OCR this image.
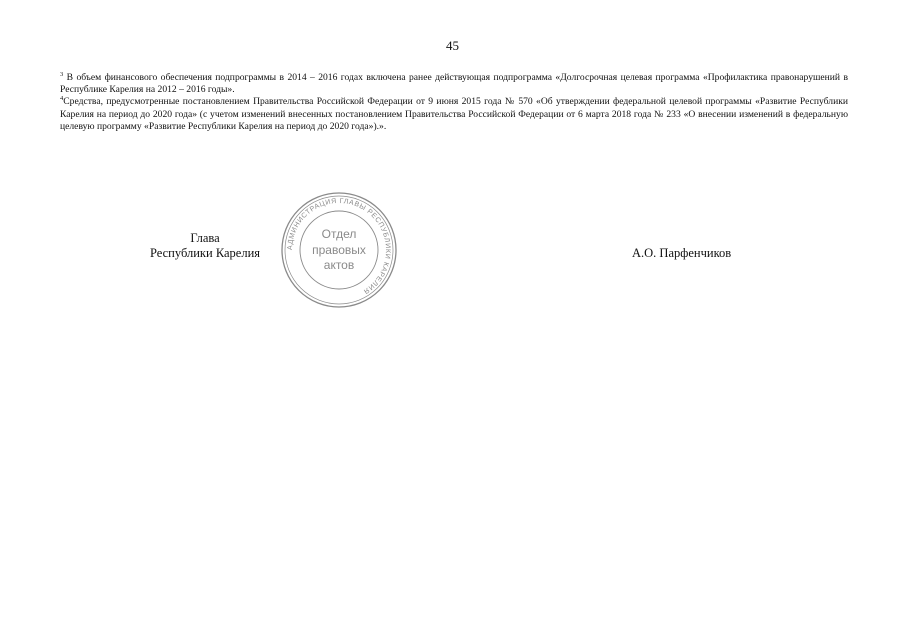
45

$^3$ В объем финансового обеспечения подпрограммы в 2014 – 2016 годах включена ранее действующая подпрограмма «Долгосрочная целевая программа «Профилактика правонарушений в Республике Карелия на 2012 – 2016 годы».

$^4$Средства, предусмотренные постановлением Правительства Российской Федерации от 9 июня 2015 года № 570 «Об утверждении федеральной целевой программы «Развитие Республики Карелия на период до 2020 года» (с учетом изменений внесенных постановлением Правительства Российской Федерации от 6 марта 2018 года № 233 «О внесении изменений в федеральную целевую программу «Развитие Республики Карелия на период до 2020 года»).».

Глава
Республики Карелия	А.О. Парфенчиков
АДМИНИСТРАЦИЯ ГЛАВЫ РЕСПУБЛИКИ КАРЕЛИЯ
Отдел
правовых
актов
